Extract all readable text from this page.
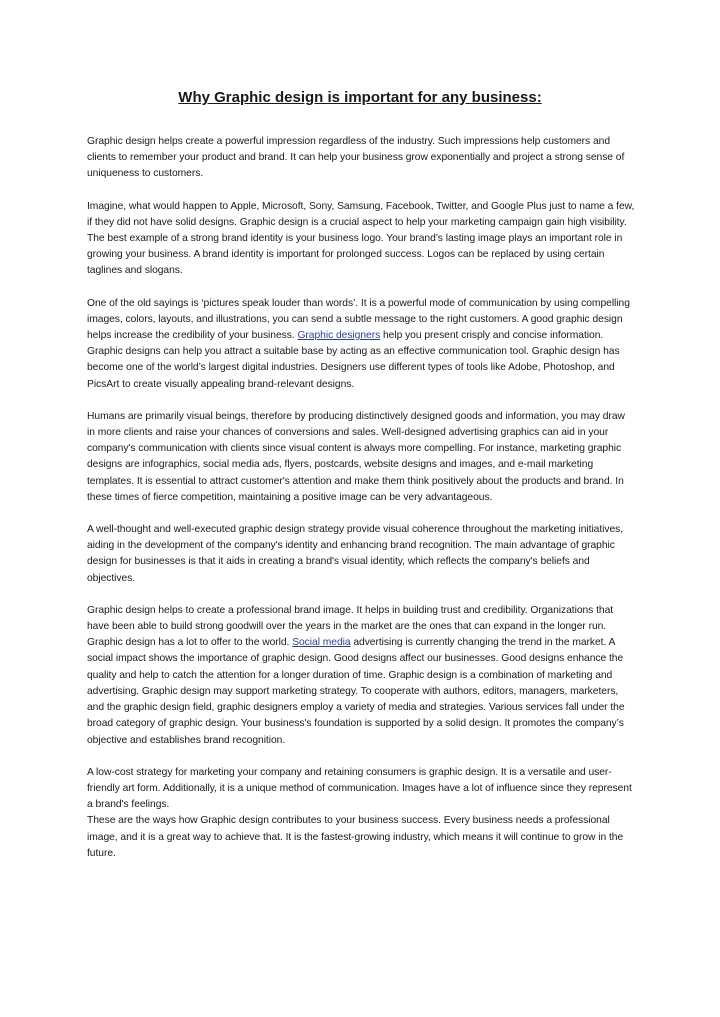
Why Graphic design is important for any business:

Graphic design helps create a powerful impression regardless of the industry. Such impressions help customers and clients to remember your product and brand. It can help your business grow exponentially and project a strong sense of uniqueness to customers.

Imagine, what would happen to Apple, Microsoft, Sony, Samsung, Facebook, Twitter, and Google Plus just to name a few, if they did not have solid designs. Graphic design is a crucial aspect to help your marketing campaign gain high visibility. The best example of a strong brand identity is your business logo. Your brand’s lasting image plays an important role in growing your business. A brand identity is important for prolonged success. Logos can be replaced by using certain taglines and slogans.

One of the old sayings is ‘pictures speak louder than words’. It is a powerful mode of communication by using compelling images, colors, layouts, and illustrations, you can send a subtle message to the right customers. A good graphic design helps increase the credibility of your business. Graphic designers help you present crisply and concise information. Graphic designs can help you attract a suitable base by acting as an effective communication tool. Graphic design has become one of the world’s largest digital industries. Designers use different types of tools like Adobe, Photoshop, and PicsArt to create visually appealing brand-relevant designs.

Humans are primarily visual beings, therefore by producing distinctively designed goods and information, you may draw in more clients and raise your chances of conversions and sales. Well-designed advertising graphics can aid in your company's communication with clients since visual content is always more compelling. For instance, marketing graphic designs are infographics, social media ads, flyers, postcards, website designs and images, and e-mail marketing templates. It is essential to attract customer's attention and make them think positively about the products and brand. In these times of fierce competition, maintaining a positive image can be very advantageous.

A well-thought and well-executed graphic design strategy provide visual coherence throughout the marketing initiatives, aiding in the development of the company's identity and enhancing brand recognition. The main advantage of graphic design for businesses is that it aids in creating a brand's visual identity, which reflects the company's beliefs and objectives.

Graphic design helps to create a professional brand image. It helps in building trust and credibility. Organizations that have been able to build strong goodwill over the years in the market are the ones that can expand in the longer run. Graphic design has a lot to offer to the world. Social media advertising is currently changing the trend in the market. A social impact shows the importance of graphic design. Good designs affect our businesses. Good designs enhance the quality and help to catch the attention for a longer duration of time. Graphic design is a combination of marketing and advertising. Graphic design may support marketing strategy. To cooperate with authors, editors, managers, marketers, and the graphic design field, graphic designers employ a variety of media and strategies. Various services fall under the broad category of graphic design. Your business's foundation is supported by a solid design. It promotes the company’s objective and establishes brand recognition.

A low-cost strategy for marketing your company and retaining consumers is graphic design. It is a versatile and user-friendly art form. Additionally, it is a unique method of communication. Images have a lot of influence since they represent a brand's feelings.

These are the ways how Graphic design contributes to your business success. Every business needs a professional image, and it is a great way to achieve that. It is the fastest-growing industry, which means it will continue to grow in the future.
